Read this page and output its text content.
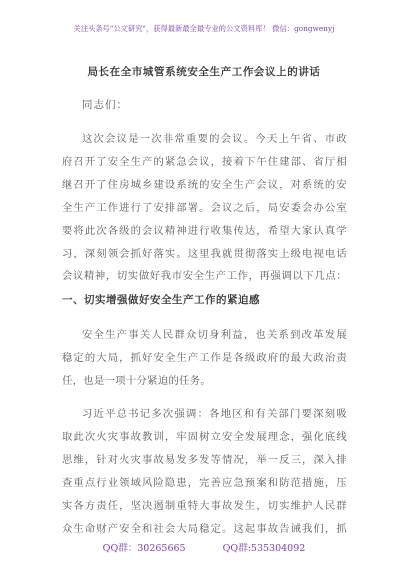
关注头条号"公文研究"，获得最新最全最专业的公文资料库！ 微信：gongwenyj
局长在全市城管系统安全生产工作会议上的讲话
同志们：
这次会议是一次非常重要的会议。今天上午省、市政
府召开了安全生产的紧急会议，接着下午住建部、省厅相
继召开了住房城乡建设系统的安全生产会议，对系统的安
全生产工作进行了安排部署。会议之后，局安委会办公室
要将此次各级的会议精神进行收集传达，希望大家认真学
习，深刻领会抓好落实。这里我就贯彻落实上级电视电话
会议精神，切实做好我市安全生产工作，再强调以下几点：
一、切实增强做好安全生产工作的紧迫感
安全生产事关人民群众切身利益，也关系到改革发展
稳定的大局，抓好安全生产工作是各级政府的最大政治责
任，也是一项十分紧迫的任务。
习近平总书记多次强调：各地区和有关部门要深刻吸
取此次火灾事故教训，牢固树立安全发展理念，强化底线
思维，针对火灾事故易发多发等情况，举一反三，深入排
查重点行业领域风险隐患，完善应急预案和防范措施，压
实各方责任，坚决遏制重特大事故发生，切实维护人民群
众生命财产安全和社会大局稳定。这起事故告诫我们，抓
QQ群：30265665	QQ群:535304092
